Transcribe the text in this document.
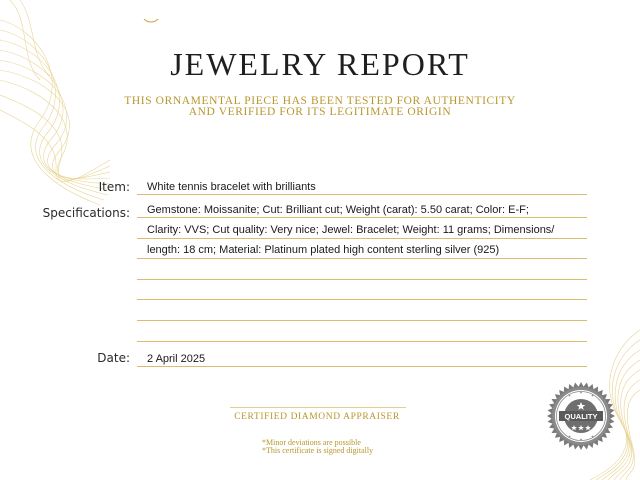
JEWELRY REPORT
THIS ORNAMENTAL PIECE HAS BEEN TESTED FOR AUTHENTICITY
AND VERIFIED FOR ITS LEGITIMATE ORIGIN
Item: White tennis bracelet with brilliants
Specifications: Gemstone: Moissanite; Cut: Brilliant cut; Weight (carat): 5.50 carat; Color: E-F;
Clarity: VVS; Cut quality: Very nice; Jewel: Bracelet; Weight: 11 grams; Dimensions/
length: 18 cm; Material: Platinum plated high content sterling silver (925)
Date: 2 April 2025
CERTIFIED DIAMOND APPRAISER
*Minor deviations are possible
*This certificate is signed digitally
QUALITY
